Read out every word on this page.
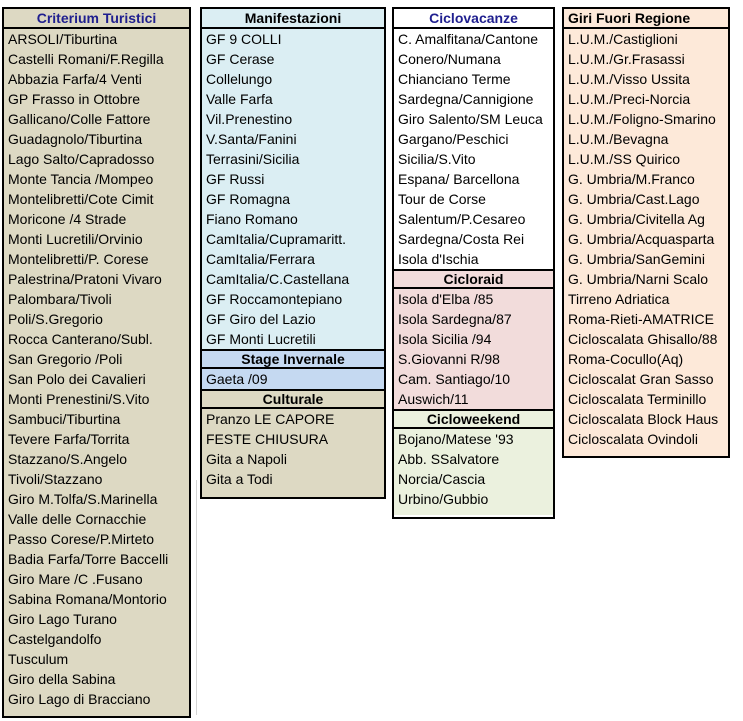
Criterium Turistici
ARSOLI/Tiburtina
Castelli Romani/F.Regilla
Abbazia Farfa/4 Venti
GP Frasso in Ottobre
Gallicano/Colle Fattore
Guadagnolo/Tiburtina
Lago Salto/Capradosso
Monte Tancia /Mompeo
Montelibretti/Cote Cimit
Moricone /4 Strade
Monti Lucretili/Orvinio
Montelibretti/P. Corese
Palestrina/Pratoni Vivaro
Palombara/Tivoli
Poli/S.Gregorio
Rocca Canterano/Subl.
San Gregorio /Poli
San Polo dei Cavalieri
Monti Prenestini/S.Vito
Sambuci/Tiburtina
Tevere Farfa/Torrita
Stazzano/S.Angelo
Tivoli/Stazzano
Giro M.Tolfa/S.Marinella
Valle delle Cornacchie
Passo Corese/P.Mirteto
Badia Farfa/Torre Baccelli
Giro Mare /C .Fusano
Sabina Romana/Montorio
Giro Lago Turano
Castelgandolfo
Tusculum
Giro della Sabina
Giro Lago di Bracciano
Manifestazioni
GF 9 COLLI
GF Cerase
Collelungo
Valle Farfa
Vil.Prenestino
V.Santa/Fanini
Terrasini/Sicilia
GF Russi
GF Romagna
Fiano Romano
CamItalia/Cupramaritt.
CamItalia/Ferrara
CamItalia/C.Castellana
GF Roccamontepiano
GF Giro del Lazio
GF Monti Lucretili
Stage Invernale
Gaeta /09
Culturale
Pranzo LE CAPORE
FESTE CHIUSURA
Gita a Napoli
Gita a Todi
Ciclovacanze
C. Amalfitana/Cantone
Conero/Numana
Chianciano Terme
Sardegna/Cannigione
Giro Salento/SM Leuca
Gargano/Peschici
Sicilia/S.Vito
Espana/ Barcellona
Tour de Corse
Salentum/P.Cesareo
Sardegna/Costa Rei
Isola d'Ischia
Cicloraid
Isola d'Elba /85
Isola Sardegna/87
Isola Sicilia /94
S.Giovanni R/98
Cam. Santiago/10
Auswich/11
Cicloweekend
Bojano/Matese '93
Abb. SSalvatore
Norcia/Cascia
Urbino/Gubbio
Giri Fuori Regione
L.U.M./Castiglioni
L.U.M./Gr.Frasassi
L.U.M./Visso Ussita
L.U.M./Preci-Norcia
L.U.M./Foligno-Smarino
L.U.M./Bevagna
L.U.M./SS Quirico
G. Umbria/M.Franco
G. Umbria/Cast.Lago
G. Umbria/Civitella Ag
G. Umbria/Acquasparta
G. Umbria/SanGemini
G. Umbria/Narni Scalo
Tirreno Adriatica
Roma-Rieti-AMATRICE
Cicloscalata Ghisallo/88
Roma-Cocullo(Aq)
Cicloscalat Gran Sasso
Cicloscalata Terminillo
Cicloscalata Block Haus
Cicloscalata Ovindoli
